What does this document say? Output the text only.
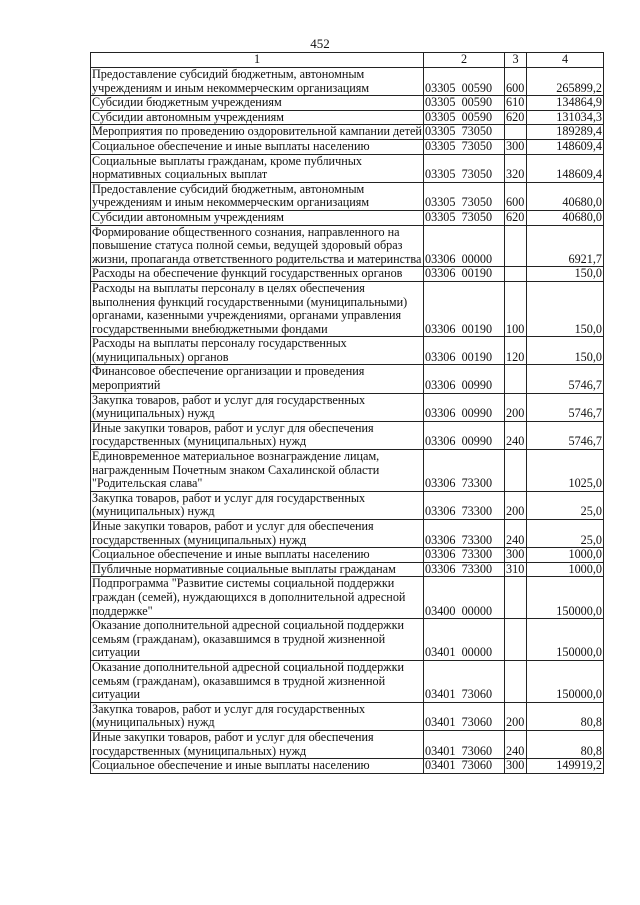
452
1	2	3	4
Предоставление субсидий бюджетным, автономным учреждениям и иным некоммерческим организациям	03305  00590	600	265899,2
Субсидии бюджетным учреждениям	03305  00590	610	134864,9
Субсидии автономным учреждениям	03305  00590	620	131034,3
Мероприятия по проведению оздоровительной кампании детей	03305  73050		189289,4
Социальное обеспечение и иные выплаты населению	03305  73050	300	148609,4
Социальные выплаты гражданам, кроме публичных нормативных социальных выплат	03305  73050	320	148609,4
Предоставление субсидий бюджетным, автономным учреждениям и иным некоммерческим организациям	03305  73050	600	40680,0
Субсидии автономным учреждениям	03305  73050	620	40680,0
Формирование общественного сознания, направленного на повышение статуса полной семьи, ведущей здоровый образ жизни, пропаганда ответственного родительства и материнства	03306  00000		6921,7
Расходы на обеспечение функций государственных органов	03306  00190		150,0
Расходы на выплаты персоналу в целях обеспечения выполнения функций государственными (муниципальными) органами, казенными учреждениями, органами управления государственными внебюджетными фондами	03306  00190	100	150,0
Расходы на выплаты персоналу государственных (муниципальных) органов	03306  00190	120	150,0
Финансовое обеспечение организации и проведения мероприятий	03306  00990		5746,7
Закупка товаров, работ и услуг для государственных (муниципальных) нужд	03306  00990	200	5746,7
Иные закупки товаров, работ и услуг для обеспечения государственных (муниципальных) нужд	03306  00990	240	5746,7
Единовременное материальное вознаграждение лицам, награжденным Почетным знаком Сахалинской области "Родительская слава"	03306  73300		1025,0
Закупка товаров, работ и услуг для государственных (муниципальных) нужд	03306  73300	200	25,0
Иные закупки товаров, работ и услуг для обеспечения государственных (муниципальных) нужд	03306  73300	240	25,0
Социальное обеспечение и иные выплаты населению	03306  73300	300	1000,0
Публичные нормативные социальные выплаты гражданам	03306  73300	310	1000,0
Подпрограмма "Развитие системы социальной поддержки граждан (семей), нуждающихся в дополнительной адресной поддержке"	03400  00000		150000,0
Оказание дополнительной адресной социальной поддержки семьям (гражданам), оказавшимся в трудной жизненной ситуации	03401  00000		150000,0
Оказание дополнительной адресной социальной поддержки семьям (гражданам), оказавшимся в трудной жизненной ситуации	03401  73060		150000,0
Закупка товаров, работ и услуг для государственных (муниципальных) нужд	03401  73060	200	80,8
Иные закупки товаров, работ и услуг для обеспечения государственных (муниципальных) нужд	03401  73060	240	80,8
Социальное обеспечение и иные выплаты населению	03401  73060	300	149919,2
